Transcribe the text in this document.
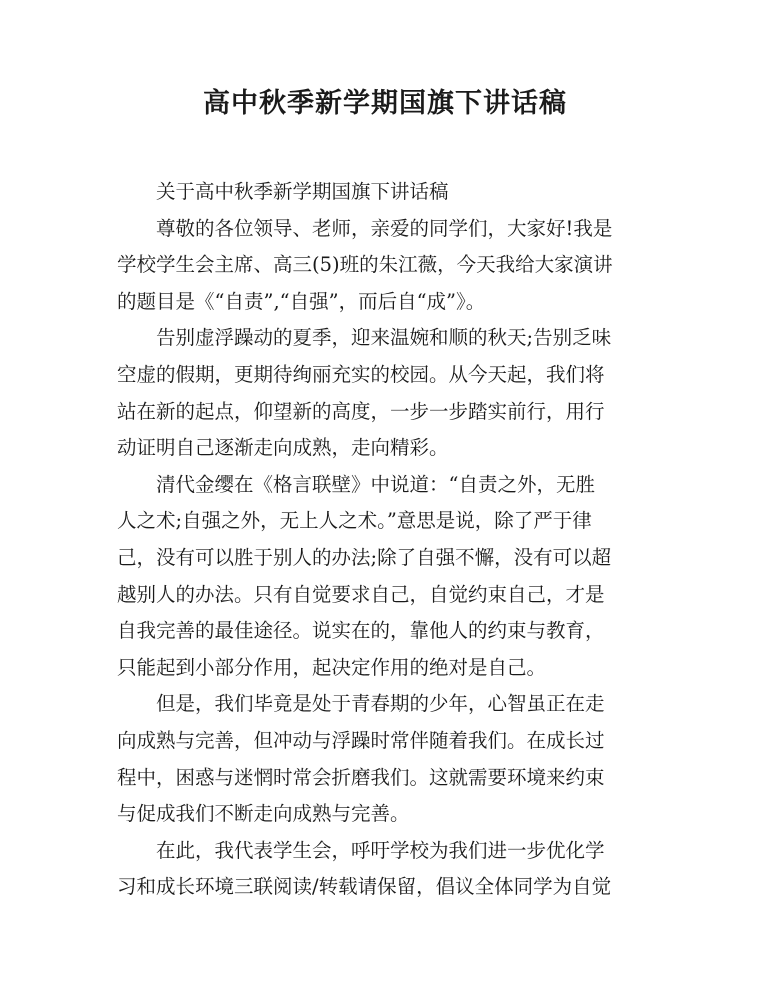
高中秋季新学期国旗下讲话稿
关于高中秋季新学期国旗下讲话稿
尊敬的各位领导、老师，亲爱的同学们，大家好!我是
学校学生会主席、高三(5)班的朱江薇，今天我给大家演讲
的题目是《“自责”,“自强”，而后自“成”》。
告别虚浮躁动的夏季，迎来温婉和顺的秋天;告别乏味
空虚的假期，更期待绚丽充实的校园。从今天起，我们将
站在新的起点，仰望新的高度，一步一步踏实前行，用行
动证明自己逐渐走向成熟，走向精彩。
清代金缨在《格言联壁》中说道：“自责之外，无胜
人之术;自强之外，无上人之术。”意思是说，除了严于律
己，没有可以胜于别人的办法;除了自强不懈，没有可以超
越别人的办法。只有自觉要求自己，自觉约束自己，才是
自我完善的最佳途径。说实在的，靠他人的约束与教育，
只能起到小部分作用，起决定作用的绝对是自己。
但是，我们毕竟是处于青春期的少年，心智虽正在走
向成熟与完善，但冲动与浮躁时常伴随着我们。在成长过
程中，困惑与迷惘时常会折磨我们。这就需要环境来约束
与促成我们不断走向成熟与完善。
在此，我代表学生会，呼吁学校为我们进一步优化学
习和成长环境三联阅读/转载请保留，倡议全体同学为自觉
